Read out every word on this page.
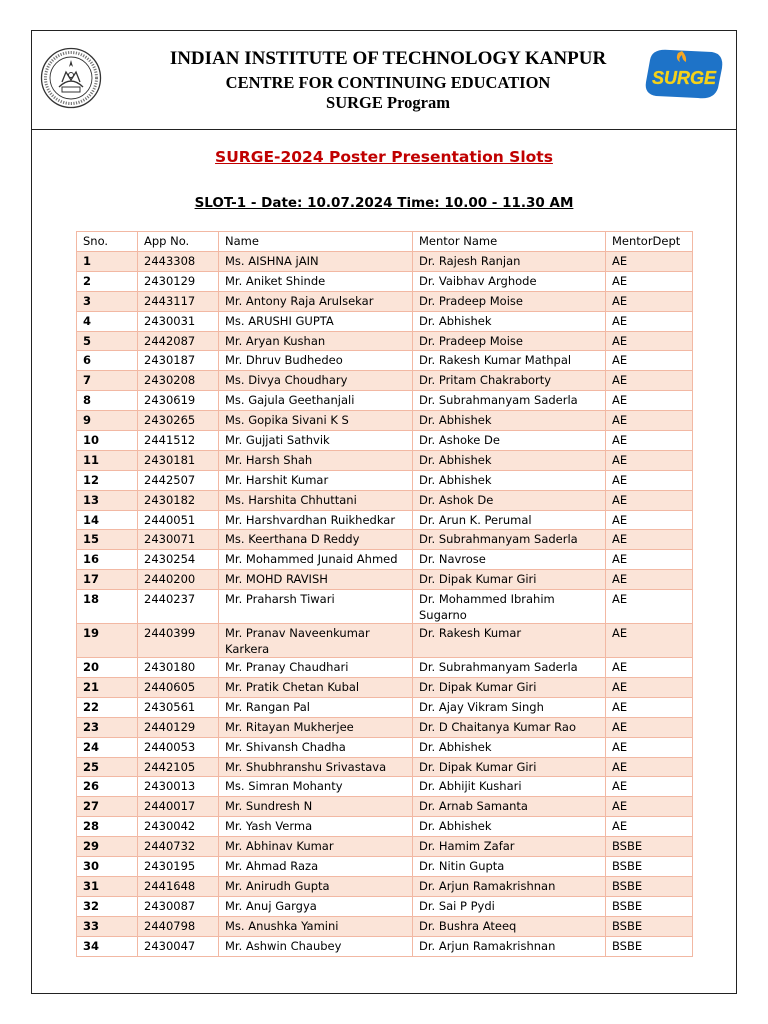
SURGE
INDIAN INSTITUTE OF TECHNOLOGY KANPUR
CENTRE FOR CONTINUING EDUCATION
SURGE Program
SURGE-2024 Poster Presentation Slots
SLOT-1 - Date: 10.07.2024 Time: 10.00 - 11.30 AM
Sno.	App No.	Name	Mentor Name	MentorDept
1	2443308	Ms. AISHNA jAIN	Dr. Rajesh Ranjan	AE
2	2430129	Mr. Aniket Shinde	Dr. Vaibhav Arghode	AE
3	2443117	Mr. Antony Raja Arulsekar	Dr. Pradeep Moise	AE
4	2430031	Ms. ARUSHI GUPTA	Dr. Abhishek	AE
5	2442087	Mr. Aryan Kushan	Dr. Pradeep Moise	AE
6	2430187	Mr. Dhruv Budhedeo	Dr. Rakesh Kumar Mathpal	AE
7	2430208	Ms. Divya Choudhary	Dr. Pritam Chakraborty	AE
8	2430619	Ms. Gajula Geethanjali	Dr. Subrahmanyam Saderla	AE
9	2430265	Ms. Gopika Sivani K S	Dr. Abhishek	AE
10	2441512	Mr. Gujjati Sathvik	Dr. Ashoke De	AE
11	2430181	Mr. Harsh Shah	Dr. Abhishek	AE
12	2442507	Mr. Harshit Kumar	Dr. Abhishek	AE
13	2430182	Ms. Harshita Chhuttani	Dr. Ashok De	AE
14	2440051	Mr. Harshvardhan Ruikhedkar	Dr. Arun K. Perumal	AE
15	2430071	Ms. Keerthana D Reddy	Dr. Subrahmanyam Saderla	AE
16	2430254	Mr. Mohammed Junaid Ahmed	Dr. Navrose	AE
17	2440200	Mr. MOHD RAVISH	Dr. Dipak Kumar Giri	AE
18	2440237	Mr. Praharsh Tiwari	Dr. Mohammed Ibrahim Sugarno	AE
19	2440399	Mr. Pranav Naveenkumar Karkera	Dr. Rakesh Kumar	AE
20	2430180	Mr. Pranay Chaudhari	Dr. Subrahmanyam Saderla	AE
21	2440605	Mr. Pratik Chetan Kubal	Dr. Dipak Kumar Giri	AE
22	2430561	Mr. Rangan Pal	Dr. Ajay Vikram Singh	AE
23	2440129	Mr. Ritayan Mukherjee	Dr. D Chaitanya Kumar Rao	AE
24	2440053	Mr. Shivansh Chadha	Dr. Abhishek	AE
25	2442105	Mr. Shubhranshu Srivastava	Dr. Dipak Kumar Giri	AE
26	2430013	Ms. Simran Mohanty	Dr. Abhijit Kushari	AE
27	2440017	Mr. Sundresh N	Dr. Arnab Samanta	AE
28	2430042	Mr. Yash Verma	Dr. Abhishek	AE
29	2440732	Mr. Abhinav Kumar	Dr. Hamim Zafar	BSBE
30	2430195	Mr. Ahmad Raza	Dr. Nitin Gupta	BSBE
31	2441648	Mr. Anirudh Gupta	Dr. Arjun Ramakrishnan	BSBE
32	2430087	Mr. Anuj Gargya	Dr. Sai P Pydi	BSBE
33	2440798	Ms. Anushka Yamini	Dr. Bushra Ateeq	BSBE
34	2430047	Mr. Ashwin Chaubey	Dr. Arjun Ramakrishnan	BSBE
